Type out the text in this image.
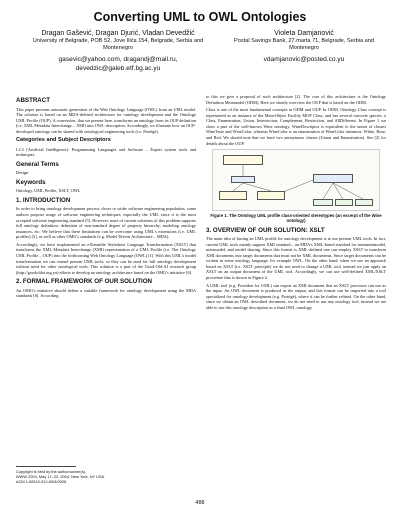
Converting UML to OWL Ontologies
Dragan Gašević, Dragan Djurić, Vladan Devedžić
University of Belgrade, POB 52, Jove Ilića 154, Belgrade, Serbia and Montenegro
gasevic@yahoo.com, dragandj@mail.ru, devedzic@galeb.etf.bg.ac.yu
Violeta Damjanović
Postal Savings Bank, 27.marta 71, Belgrade, Serbia and Montenegro
vdamjanovic@posted.co.yu
ABSTRACT

This paper presents automatic generation of the Web Ontology Language (OWL) from an UML model. The solution is based on an MDA-defined architecture for ontology development and the Ontology UML Profile (OUP). A conversion, that we present here, transforms an ontology from its OUP definition (i.e. XML Metadata Interchange – XMI) into OWL description. Accordingly, we illustrate how an OUP-developed ontology can be shared with ontological engineering tools (i.e. Protégé).

Categories and Subject Descriptors

I.2.5 [Artificial Intelligence]: Programming Languages and Software – Expert system tools and techniques

General Terms

Design

Keywords

Ontology, UML Profile, XSLT, OWL

1. INTRODUCTION

In order to bring ontology development process closer to wider software engineering population, some authors propose usage of software engineering techniques, especially the UML since it is the most accepted software engineering standard [5]. However, none of current solutions of this problem supports full ontology definition: definition of non-standard degree of property hierarchy, modeling ontology instances, etc. We believe that these limitations can be overcome using UML's extensions (i.e. UML profiles) [3], as well as other OMG's standards (e.g. Model Driven Architecture – MDA).

Accordingly, we have implemented an eXtensible Stylesheet Language Transformation (XSLT) that transforms the XML Metadata Interchange (XMI) representation of a UML Profile (i.e. The Ontology UML Profile – OUP) into the forthcoming Web Ontology Language (OWL) [1]. With this UML's model transformation we can extend present UML tools, so they can be used for full ontology development without need for other ontological tools. This solution is a part of the Good-Old-AI research group (http://goodoldai.org.yu) efforts to develop an ontology architecture based on the OMG's initiative [6].

2. FORMAL FRAMEWORK OF OUR SOLUTION

An OMG's initiative should define a suitable framework for ontology development using the MDA standards [6]. According

to this we give a proposal of such architecture [2]. The core of this architecture is the Ontology Definition Metamodel (ODM). Here we shortly overview the OUP that is based on the ODM.

Class is one of the most fundamental concepts in ODM and OUP. In ODM, Ontology Class concept is represented as an instance of the Meta-Object Facility MOF Class, and has several concrete species, a Class, Enumeration, Union, Intersection, Complement, Restriction, and AllDifferent. In Figure 1 we show a part of the well-known Wine ontology. WineDescriptor is equivalent to the union of classes WineTaste and WineColor, whereas WineColor is an enumeration of WineColor instances: White, Rose, and Red. We should note that we have two anonymous classes (Union and Enumeration). See [2] for details about the OUP.

Figure 1. The Ontology UML profile class-oriented stereotypes (an excerpt of the Wine ontology)
3. OVERVIEW OF OUR SOLUTION: XSLT

The main idea of having an UML profile for ontology development is to use present UML tools. In fact, current UML tools mainly support XMI standard – an MDA's XML-based standard for metametamodel, metamodel, and model sharing. Since this format is XML-defined one can employ XSLT to transform XMI documents into target documents that must not be XML documents. Since target documents can be written in some ontology language, for example OWL. On the other hand, when we use an approach based on XSLT (i.e. XSLT principle) we do not need to change a UML tool, instead we just apply an XSLT on an output document of the UML tool. Accordingly, we can use well-defined XML/XSLT procedure that is shown in Figure 2.

A UML tool (e.g. Poseidon for UML) can export an XMI document that an XSLT processor can use as the input. An OWL document is produced as the output, and this format can be imported into a tool specialized for ontology development (e.g. Protégé), where it can be further refined. On the other hand, since we obtain an OWL described document, we do not need to use any ontology tool, instead we are able to use this ontology description as a final OWL ontology.

Copyright is held by the author/owner(s).
WWW 2004, May 17–22, 2004, New York, NY USA.
ACM 1-58113-912-8/04/0005.
488
